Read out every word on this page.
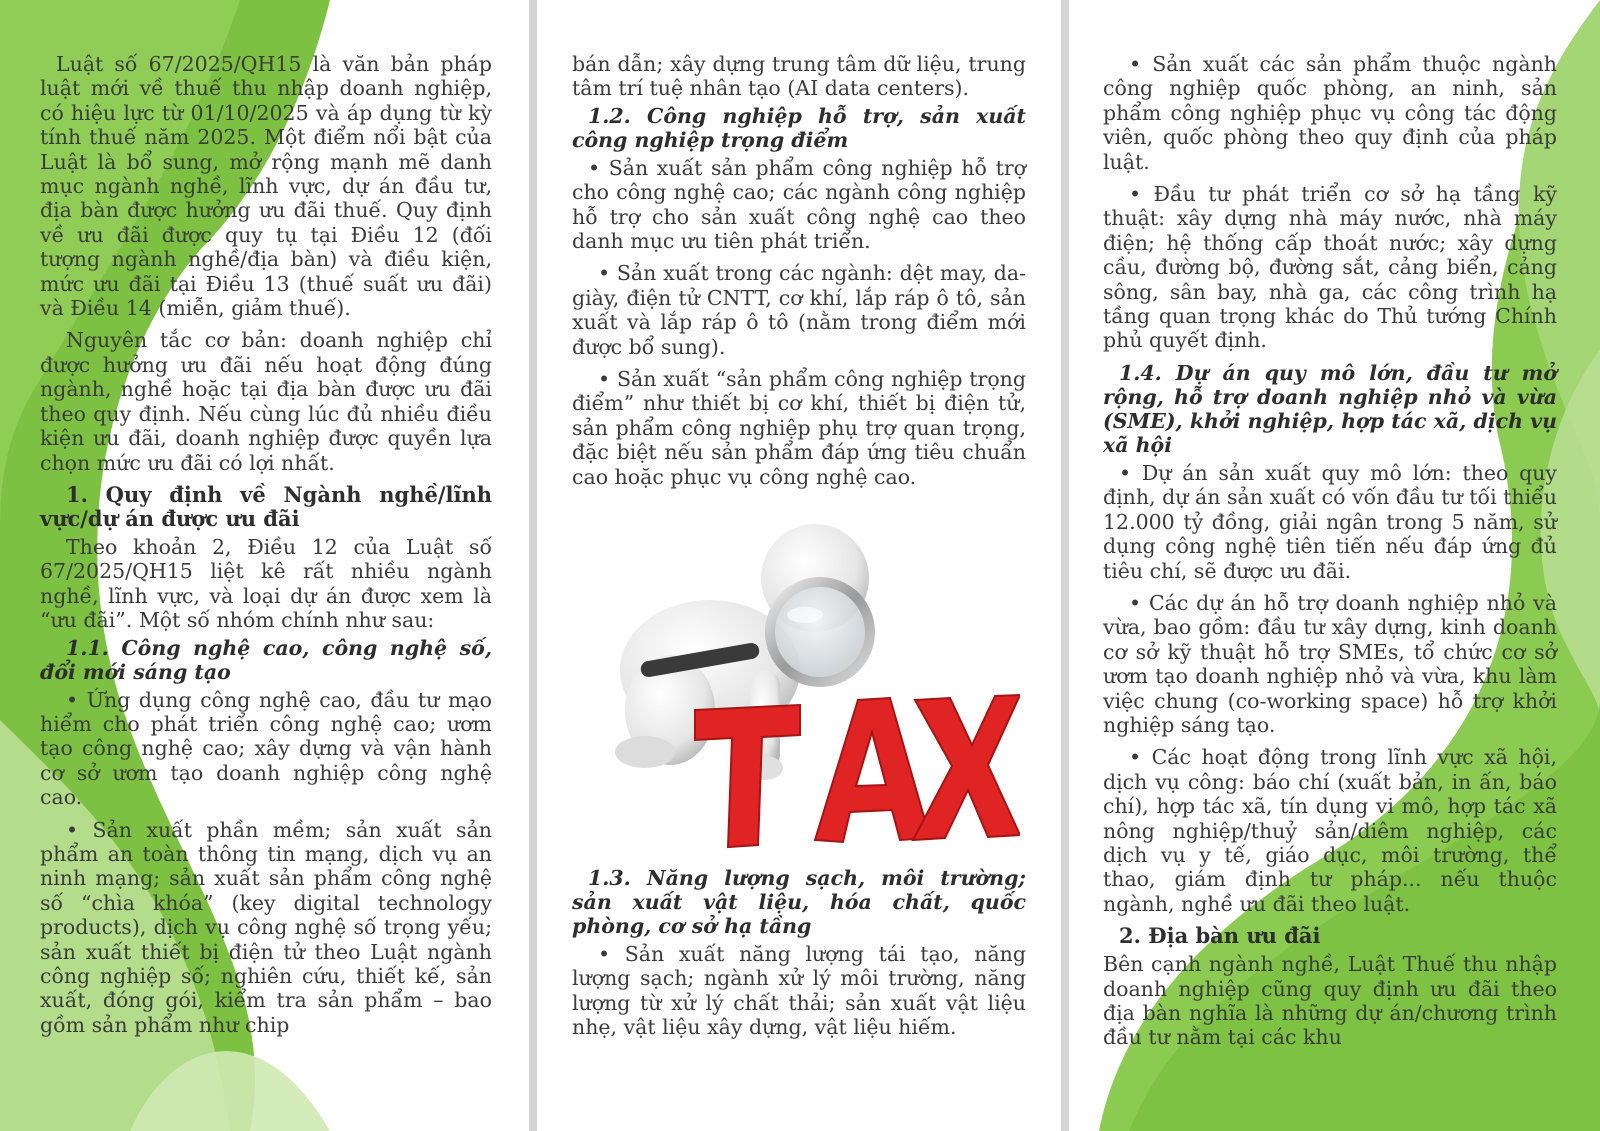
Luật số 67/2025/QH15 là văn bản pháp luật mới về thuế thu nhập doanh nghiệp, có hiệu lực từ 01/10/2025 và áp dụng từ kỳ tính thuế năm 2025. Một điểm nổi bật của Luật là bổ sung, mở rộng mạnh mẽ danh mục ngành nghề, lĩnh vực, dự án đầu tư, địa bàn được hưởng ưu đãi thuế. Quy định về ưu đãi được quy tụ tại Điều 12 (đối tượng ngành nghề/địa bàn) và điều kiện, mức ưu đãi tại Điều 13 (thuế suất ưu đãi) và Điều 14 (miễn, giảm thuế).

Nguyên tắc cơ bản: doanh nghiệp chỉ được hưởng ưu đãi nếu hoạt động đúng ngành, nghề hoặc tại địa bàn được ưu đãi theo quy định. Nếu cùng lúc đủ nhiều điều kiện ưu đãi, doanh nghiệp được quyền lựa chọn mức ưu đãi có lợi nhất.

1. Quy định về Ngành nghề/lĩnh vực/dự án được ưu đãi

Theo khoản 2, Điều 12 của Luật số 67/2025/QH15 liệt kê rất nhiều ngành nghề, lĩnh vực, và loại dự án được xem là “ưu đãi”. Một số nhóm chính như sau:

1.1. Công nghệ cao, công nghệ số, đổi mới sáng tạo

• Ứng dụng công nghệ cao, đầu tư mạo hiểm cho phát triển công nghệ cao; ươm tạo công nghệ cao; xây dựng và vận hành cơ sở ươm tạo doanh nghiệp công nghệ cao.

• Sản xuất phần mềm; sản xuất sản phẩm an toàn thông tin mạng, dịch vụ an ninh mạng; sản xuất sản phẩm công nghệ số “chìa khóa” (key digital technology products), dịch vụ công nghệ số trọng yếu; sản xuất thiết bị điện tử theo Luật ngành công nghiệp số; nghiên cứu, thiết kế, sản xuất, đóng gói, kiểm tra sản phẩm – bao gồm sản phẩm như chip

bán dẫn; xây dựng trung tâm dữ liệu, trung tâm trí tuệ nhân tạo (AI data centers).

1.2. Công nghiệp hỗ trợ, sản xuất công nghiệp trọng điểm

• Sản xuất sản phẩm công nghiệp hỗ trợ cho công nghệ cao; các ngành công nghiệp hỗ trợ cho sản xuất công nghệ cao theo danh mục ưu tiên phát triển.

• Sản xuất trong các ngành: dệt may, da-giày, điện tử CNTT, cơ khí, lắp ráp ô tô, sản xuất và lắp ráp ô tô (nằm trong điểm mới được bổ sung).

• Sản xuất “sản phẩm công nghiệp trọng điểm” như thiết bị cơ khí, thiết bị điện tử, sản phẩm công nghiệp phụ trợ quan trọng, đặc biệt nếu sản phẩm đáp ứng tiêu chuẩn cao hoặc phục vụ công nghệ cao.

TAX
1.3. Năng lượng sạch, môi trường; sản xuất vật liệu, hóa chất, quốc phòng, cơ sở hạ tầng

• Sản xuất năng lượng tái tạo, năng lượng sạch; ngành xử lý môi trường, năng lượng từ xử lý chất thải; sản xuất vật liệu nhẹ, vật liệu xây dựng, vật liệu hiếm.

• Sản xuất các sản phẩm thuộc ngành công nghiệp quốc phòng, an ninh, sản phẩm công nghiệp phục vụ công tác động viên, quốc phòng theo quy định của pháp luật.

• Đầu tư phát triển cơ sở hạ tầng kỹ thuật: xây dựng nhà máy nước, nhà máy điện; hệ thống cấp thoát nước; xây dựng cầu, đường bộ, đường sắt, cảng biển, cảng sông, sân bay, nhà ga, các công trình hạ tầng quan trọng khác do Thủ tướng Chính phủ quyết định.

1.4. Dự án quy mô lớn, đầu tư mở rộng, hỗ trợ doanh nghiệp nhỏ và vừa (SME), khởi nghiệp, hợp tác xã, dịch vụ xã hội

• Dự án sản xuất quy mô lớn: theo quy định, dự án sản xuất có vốn đầu tư tối thiểu 12.000 tỷ đồng, giải ngân trong 5 năm, sử dụng công nghệ tiên tiến nếu đáp ứng đủ tiêu chí, sẽ được ưu đãi.

• Các dự án hỗ trợ doanh nghiệp nhỏ và vừa, bao gồm: đầu tư xây dựng, kinh doanh cơ sở kỹ thuật hỗ trợ SMEs, tổ chức cơ sở ươm tạo doanh nghiệp nhỏ và vừa, khu làm việc chung (co-working space) hỗ trợ khởi nghiệp sáng tạo.

• Các hoạt động trong lĩnh vực xã hội, dịch vụ công: báo chí (xuất bản, in ấn, báo chí), hợp tác xã, tín dụng vi mô, hợp tác xã nông nghiệp/thuỷ sản/diêm nghiệp, các dịch vụ y tế, giáo dục, môi trường, thể thao, giám định tư pháp... nếu thuộc ngành, nghề ưu đãi theo luật.

2. Địa bàn ưu đãi

Bên cạnh ngành nghề, Luật Thuế thu nhập doanh nghiệp cũng quy định ưu đãi theo địa bàn nghĩa là những dự án/chương trình đầu tư nằm tại các khu
